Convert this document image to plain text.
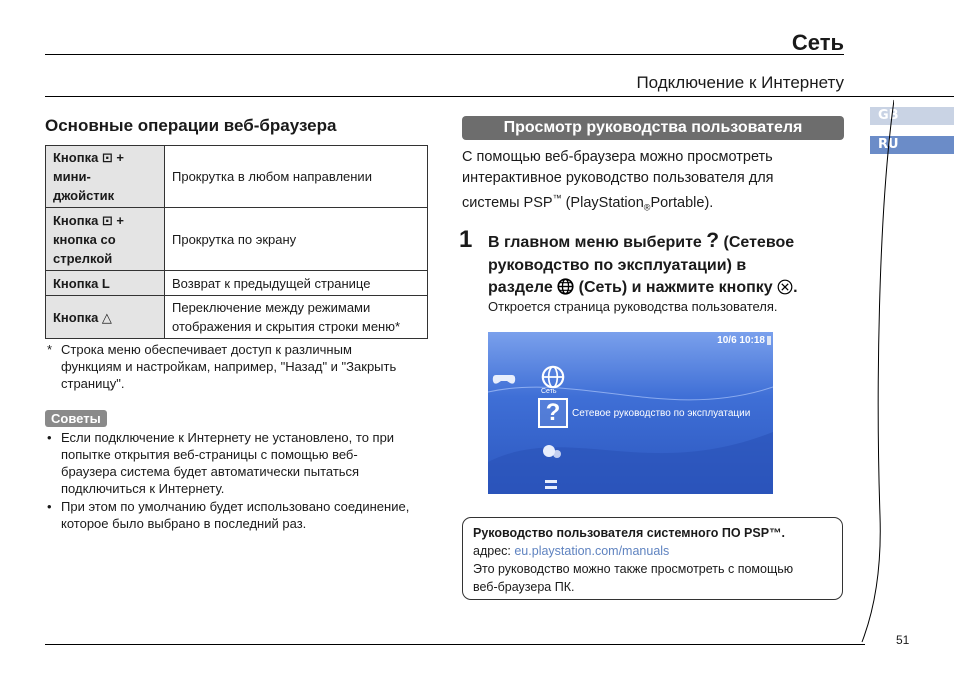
Сеть
Подключение к Интернету
GB
RU
Основные операции веб-браузера
Кнопка ⊡ +
мини-
джойстик	Прокрутка в любом направлении

Кнопка ⊡ +
кнопка со
стрелкой	Прокрутка по экрану

Кнопка L	Возврат к предыдущей странице

Кнопка △	Переключение между режимами
отображения и скрытия строки меню*
* Строка меню обеспечивает доступ к различным
функциям и настройкам, например, "Назад" и "Закрыть
страницу".
Советы
• Если подключение к Интернету не установлено, то при
попытке открытия веб-страницы с помощью веб-
браузера система будет автоматически пытаться
подключиться к Интернету.
• При этом по умолчанию будет использовано соединение,
которое было выбрано в последний раз.
Просмотр руководства пользователя
С помощью веб-браузера можно просмотреть
интерактивное руководство пользователя для
системы PSP™ (PlayStation$_®$Portable).
1 В главном меню выберите ? (Сетевое
руководство по эксплуатации) в
разделе  (Сеть) и нажмите кнопку .
Откроется страница руководства пользователя.
10/6 10:18
Сеть
?	Сетевое руководство по эксплуатации
Руководство пользователя системного ПО PSP™.
адрес: eu.playstation.com/manuals
Это руководство можно также просмотреть с помощью
веб-браузера ПК.
51
